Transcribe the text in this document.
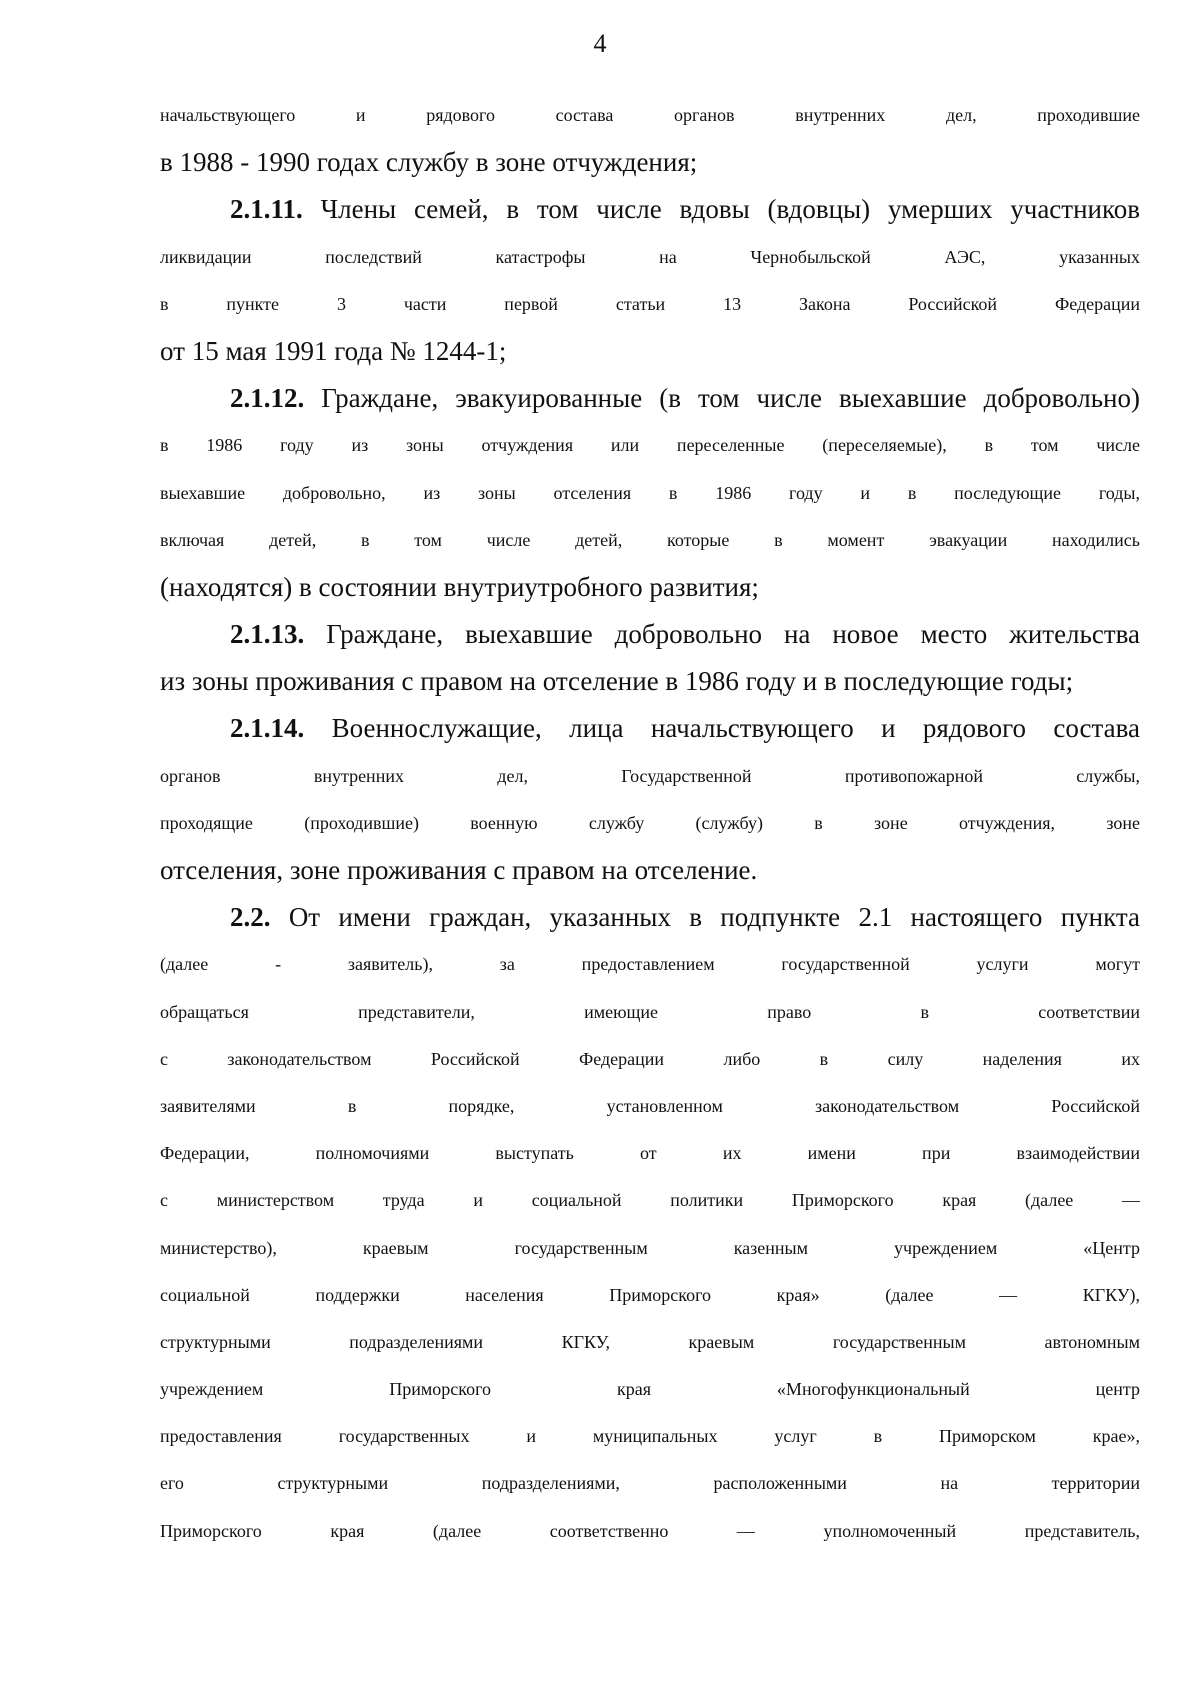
4
начальствующего и рядового состава органов внутренних дел, проходившие
в 1988 - 1990 годах службу в зоне отчуждения;
2.1.11. Члены семей, в том числе вдовы (вдовцы) умерших участников
ликвидации последствий катастрофы на Чернобыльской АЭС, указанных
в пункте 3 части первой статьи 13 Закона Российской Федерации
от 15 мая 1991 года № 1244-1;
2.1.12. Граждане, эвакуированные (в том числе выехавшие добровольно)
в 1986 году из зоны отчуждения или переселенные (переселяемые), в том числе
выехавшие добровольно, из зоны отселения в 1986 году и в последующие годы,
включая детей, в том числе детей, которые в момент эвакуации находились
(находятся) в состоянии внутриутробного развития;
2.1.13. Граждане, выехавшие добровольно на новое место жительства
из зоны проживания с правом на отселение в 1986 году и в последующие годы;
2.1.14. Военнослужащие, лица начальствующего и рядового состава
органов внутренних дел, Государственной противопожарной службы,
проходящие (проходившие) военную службу (службу) в зоне отчуждения, зоне
отселения, зоне проживания с правом на отселение.
2.2. От имени граждан, указанных в подпункте 2.1 настоящего пункта
(далее - заявитель), за предоставлением государственной услуги могут
обращаться представители, имеющие право в соответствии
с законодательством Российской Федерации либо в силу наделения их
заявителями в порядке, установленном законодательством Российской
Федерации, полномочиями выступать от их имени при взаимодействии
с министерством труда и социальной политики Приморского края (далее —
министерство), краевым государственным казенным учреждением «Центр
социальной поддержки населения Приморского края» (далее — КГКУ),
структурными подразделениями КГКУ, краевым государственным автономным
учреждением Приморского края «Многофункциональный центр
предоставления государственных и муниципальных услуг в Приморском крае»,
его структурными подразделениями, расположенными на территории
Приморского края (далее соответственно — уполномоченный представитель,
